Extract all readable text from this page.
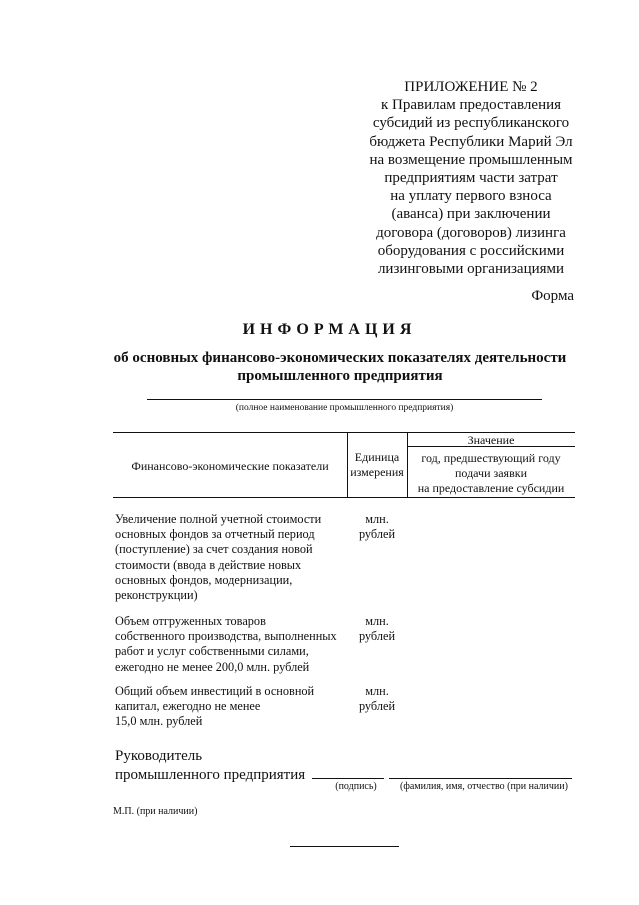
ПРИЛОЖЕНИЕ № 2
к Правилам предоставления
субсидий из республиканского
бюджета Республики Марий Эл
на возмещение промышленным
предприятиям части затрат
на уплату первого взноса
(аванса) при заключении
договора (договоров) лизинга
оборудования с российскими
лизинговыми организациями
Форма
ИНФОРМАЦИЯ
об основных финансово-экономических показателях деятельности
промышленного предприятия
(полное наименование промышленного предприятия)
Финансово-экономические показатели
Единица
измерения
Значение
год, предшествующий году
подачи заявки
на предоставление субсидии
Увеличение полной учетной стоимости
основных фондов за отчетный период
(поступление) за счет создания новой
стоимости (ввода в действие новых
основных фондов, модернизации,
реконструкции)
млн.
рублей
Объем отгруженных товаров
собственного производства, выполненных
работ и услуг собственными силами,
ежегодно не менее 200,0 млн. рублей
млн.
рублей
Общий объем инвестиций в основной
капитал, ежегодно не менее
15,0 млн. рублей
млн.
рублей
Руководитель
промышленного предприятия
(подпись)	(фамилия, имя, отчество (при наличии)
М.П. (при наличии)
